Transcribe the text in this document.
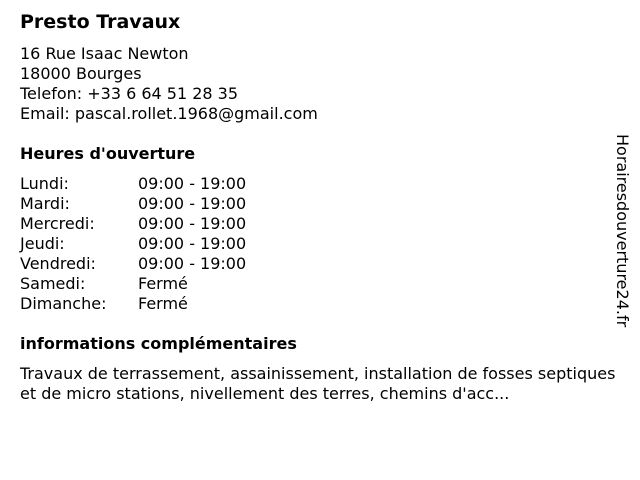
Presto Travaux
16 Rue Isaac Newton
18000 Bourges
Telefon: +33 6 64 51 28 35
Email: pascal.rollet.1968@gmail.com
Heures d'ouverture
Lundi:	09:00 - 19:00
Mardi:	09:00 - 19:00
Mercredi:	09:00 - 19:00
Jeudi:	09:00 - 19:00
Vendredi:	09:00 - 19:00
Samedi:	Fermé
Dimanche: Fermé
informations complémentaires
Travaux de terrassement, assainissement, installation de fosses septiques et de micro stations, nivellement des terres, chemins d'acc...
Horairesdouverture24.fr
